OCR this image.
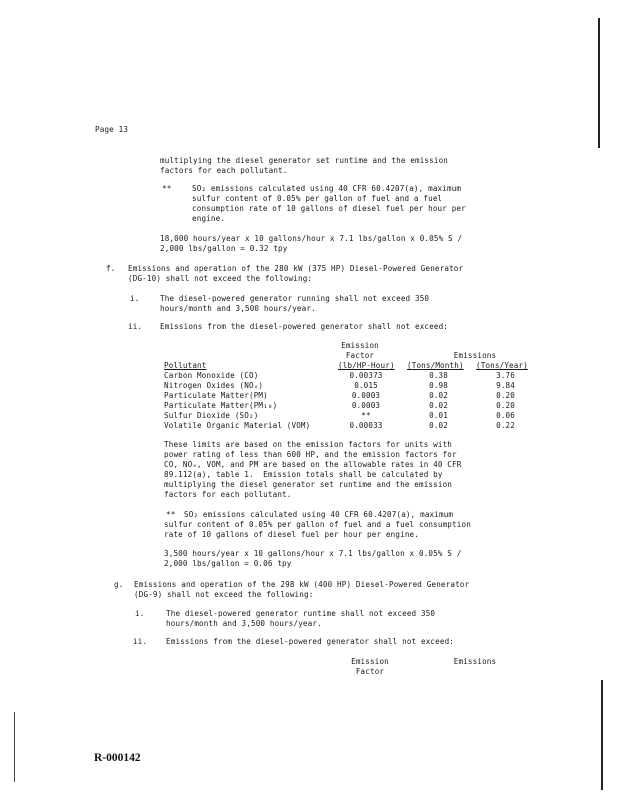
Page 13
multiplying the diesel generator set runtime and the emission
factors for each pollutant.
**	SO₂ emissions calculated using 40 CFR 60.4207(a), maximum
sulfur content of 0.05% per gallon of fuel and a fuel
consumption rate of 10 gallons of diesel fuel per hour per
engine.
18,000 hours/year x 10 gallons/hour x 7.1 lbs/gallon x 0.05% S /
2,000 lbs/gallon = 0.32 tpy
f. Emissions and operation of the 280 kW (375 HP) Diesel-Powered Generator
(DG-10) shall not exceed the following:
i.	The diesel-powered generator running shall not exceed 350
hours/month and 3,500 hours/year.
ii. Emissions from the diesel-powered generator shall not exceed:
Emission
Factor	Emissions
Pollutant	(lb/HP-Hour) (Tons/Month) (Tons/Year)
Carbon Monoxide (CO)	0.00373	0.38	3.76
Nitrogen Oxides (NOₓ)	0.015	0.98	9.84
Particulate Matter(PM)	0.0003	0.02	0.20
Particulate Matter(PM₁₀)	0.0003	0.02	0.20
Sulfur Dioxide (SO₂)	**	0.01	0.06
Volatile Organic Material (VOM)	0.00033	0.02	0.22
These limits are based on the emission factors for units with
power rating of less than 600 HP, and the emission factors for
CO, NOₓ, VOM, and PM are based on the allowable rates in 40 CFR
89.112(a), table 1.  Emission totals shall be calculated by
multiplying the diesel generator set runtime and the emission
factors for each pollutant.
** SO₂ emissions calculated using 40 CFR 60.4207(a), maximum
sulfur content of 0.05% per gallon of fuel and a fuel consumption
rate of 10 gallons of diesel fuel per hour per engine.
3,500 hours/year x 10 gallons/hour x 7.1 lbs/gallon x 0.05% S /
2,000 lbs/gallon = 0.06 tpy
g. Emissions and operation of the 298 kW (400 HP) Diesel-Powered Generator
(DG-9) shall not exceed the following:
i.	The diesel-powered generator runtime shall not exceed 350
hours/month and 3,500 hours/year.
ii. Emissions from the diesel-powered generator shall not exceed:
Emission
Factor
Emissions
R-000142
